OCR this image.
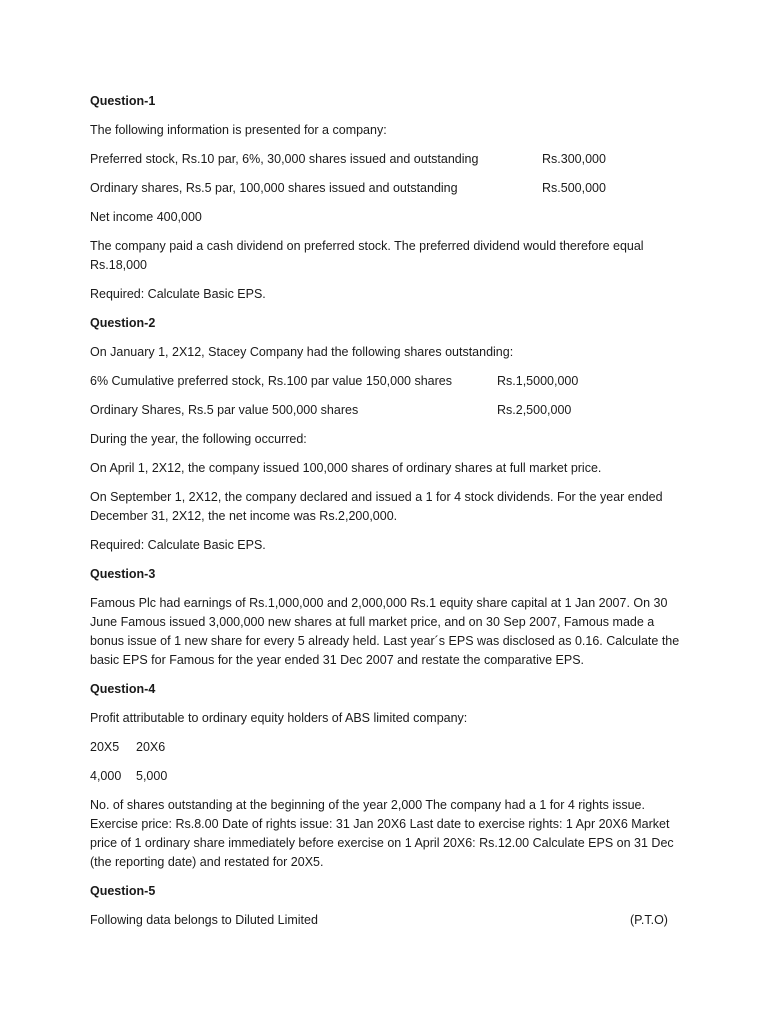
Question-1
The following information is presented for a company:
Preferred stock, Rs.10 par, 6%, 30,000 shares issued and outstanding	Rs.300,000
Ordinary shares, Rs.5 par, 100,000 shares issued and outstanding	Rs.500,000
Net income 400,000
The company paid a cash dividend on preferred stock. The preferred dividend would therefore equal Rs.18,000
Required: Calculate Basic EPS.
Question-2
On January 1, 2X12, Stacey Company had the following shares outstanding:
6% Cumulative preferred stock, Rs.100 par value 150,000 shares	Rs.1,5000,000
Ordinary Shares, Rs.5 par value 500,000 shares	Rs.2,500,000
During the year, the following occurred:
On April 1, 2X12, the company issued 100,000 shares of ordinary shares at full market price.
On September 1, 2X12, the company declared and issued a 1 for 4 stock dividends. For the year ended December 31, 2X12, the net income was Rs.2,200,000.
Required: Calculate Basic EPS.
Question-3
Famous Plc had earnings of Rs.1,000,000 and 2,000,000 Rs.1 equity share capital at 1 Jan 2007. On 30 June Famous issued 3,000,000 new shares at full market price, and on 30 Sep 2007, Famous made a bonus issue of 1 new share for every 5 already held. Last year´s EPS was disclosed as 0.16. Calculate the basic EPS for Famous for the year ended 31 Dec 2007 and restate the comparative EPS.
Question-4
Profit attributable to ordinary equity holders of ABS limited company:
20X5	20X6
4,000	5,000
No. of shares outstanding at the beginning of the year 2,000 The company had a 1 for 4 rights issue. Exercise price: Rs.8.00 Date of rights issue: 31 Jan 20X6 Last date to exercise rights: 1 Apr 20X6 Market price of 1 ordinary share immediately before exercise on 1 April 20X6: Rs.12.00 Calculate EPS on 31 Dec (the reporting date) and restated for 20X5.
Question-5
Following data belongs to Diluted Limited	(P.T.O)
